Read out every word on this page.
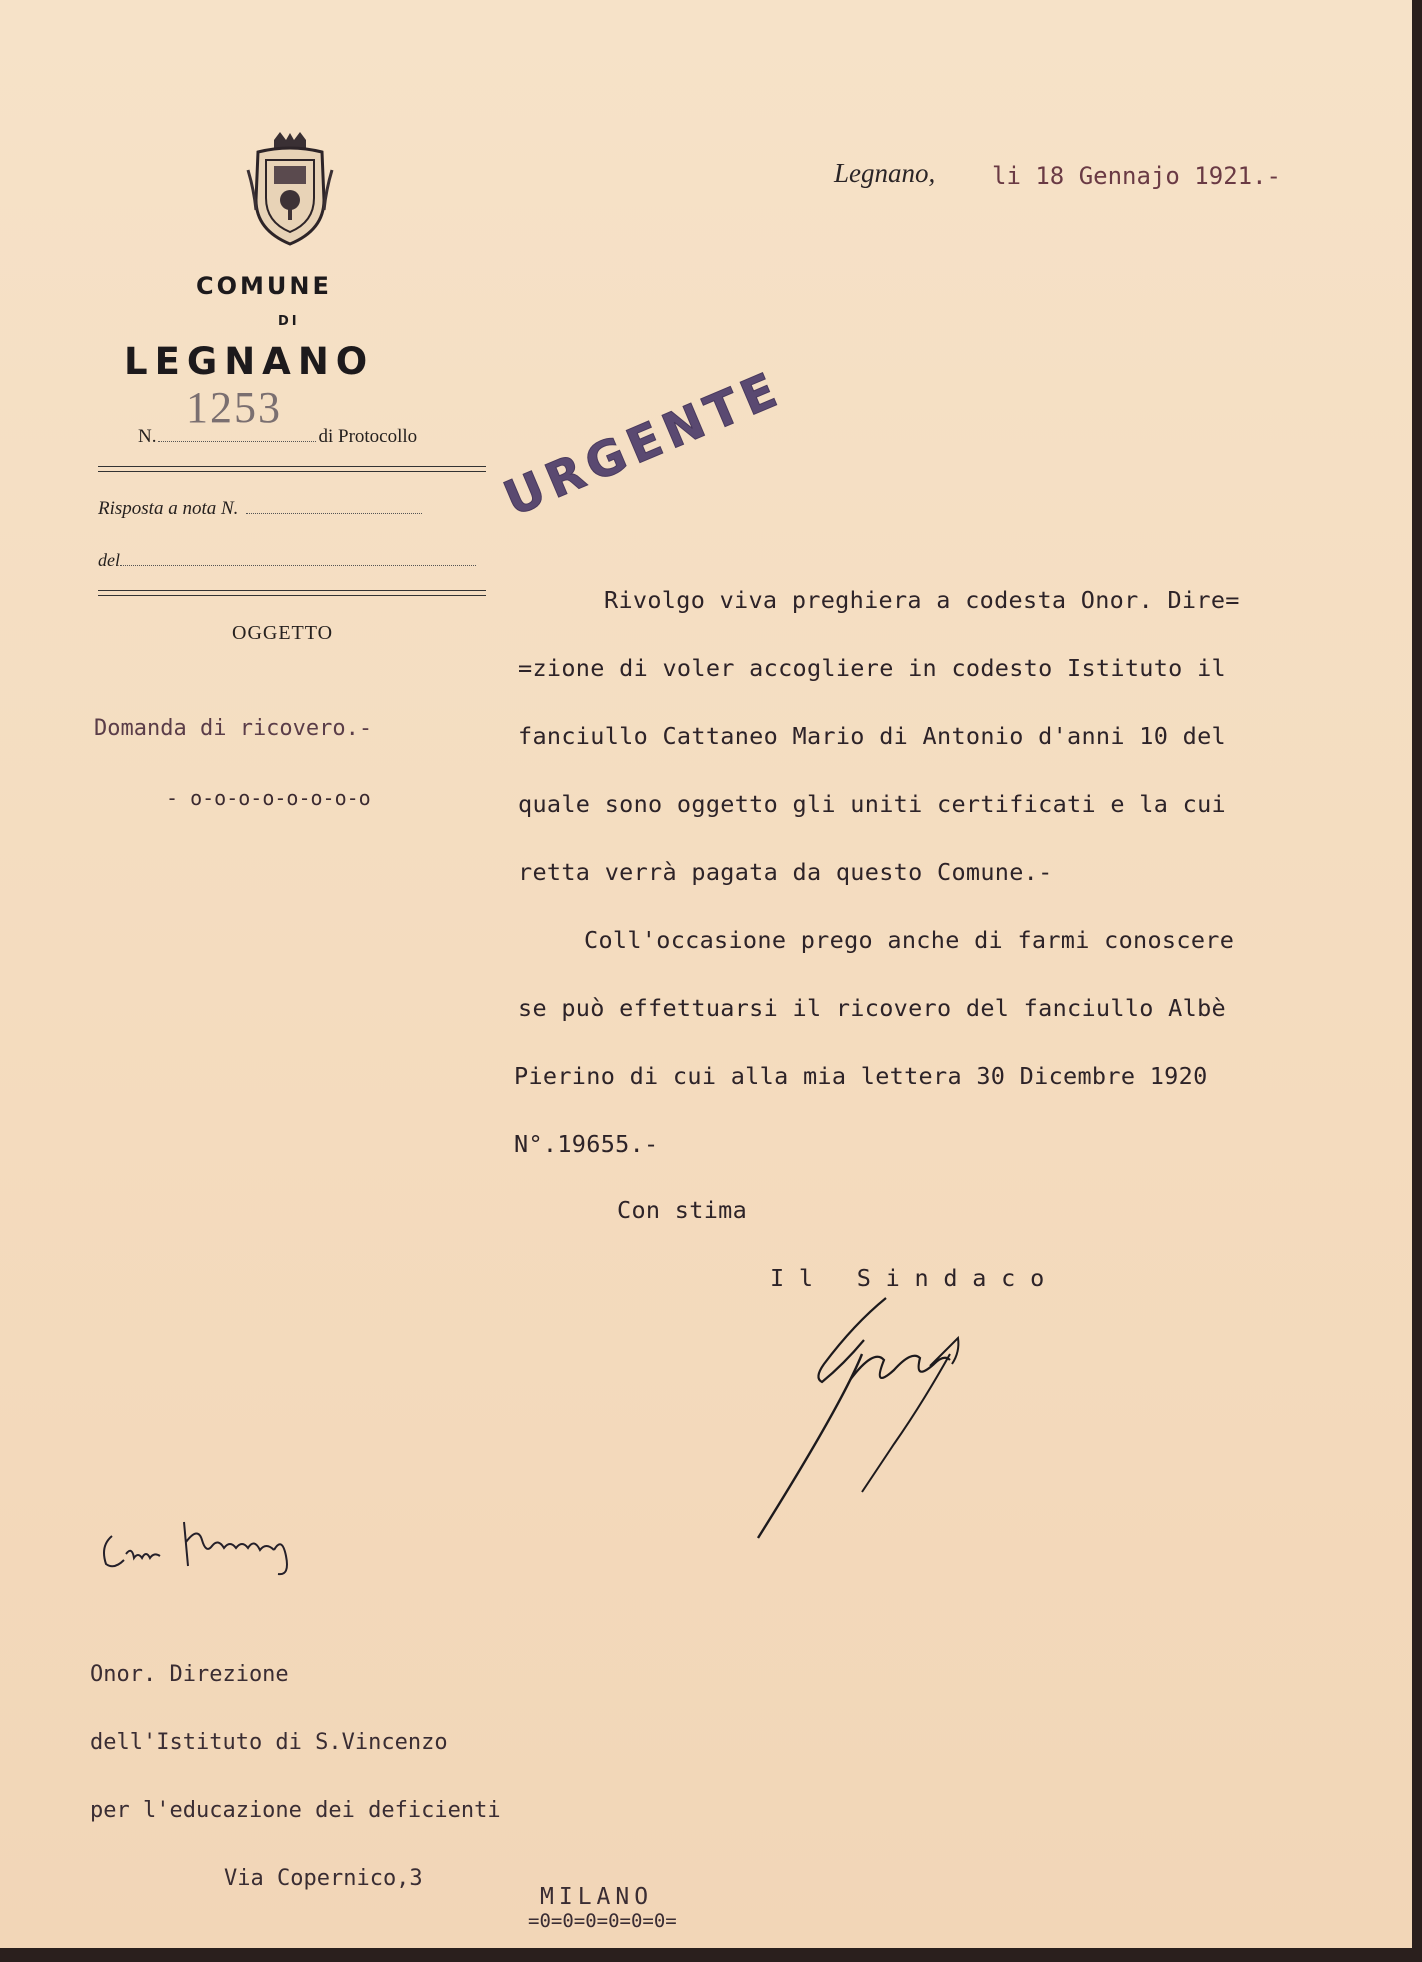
COMUNE
DI
LEGNANO
1253
N.	di Protocollo
Risposta a nota N.
del
OGGETTO
Domanda di ricovero.-
- o-o-o-o-o-o-o-o
Legnano, li 18 Gennajo 1921.-
URGENTE
Rivolgo viva preghiera a codesta Onor. Dire=
=zione di voler accogliere in codesto Istituto il
fanciullo Cattaneo Mario di Antonio d'anni 10 del
quale sono oggetto gli uniti certificati e la cui
retta verrà pagata da questo Comune.-
Coll'occasione prego anche di farmi conoscere
se può effettuarsi il ricovero del fanciullo Albè
Pierino di cui alla mia lettera 30 Dicembre 1920
N°.19655.-
Con stima
I l   S i n d a c o
Onor. Direzione
dell'Istituto di S.Vincenzo
per l'educazione dei deficienti
Via Copernico,3
MILANO
=0=0=0=0=0=0=
